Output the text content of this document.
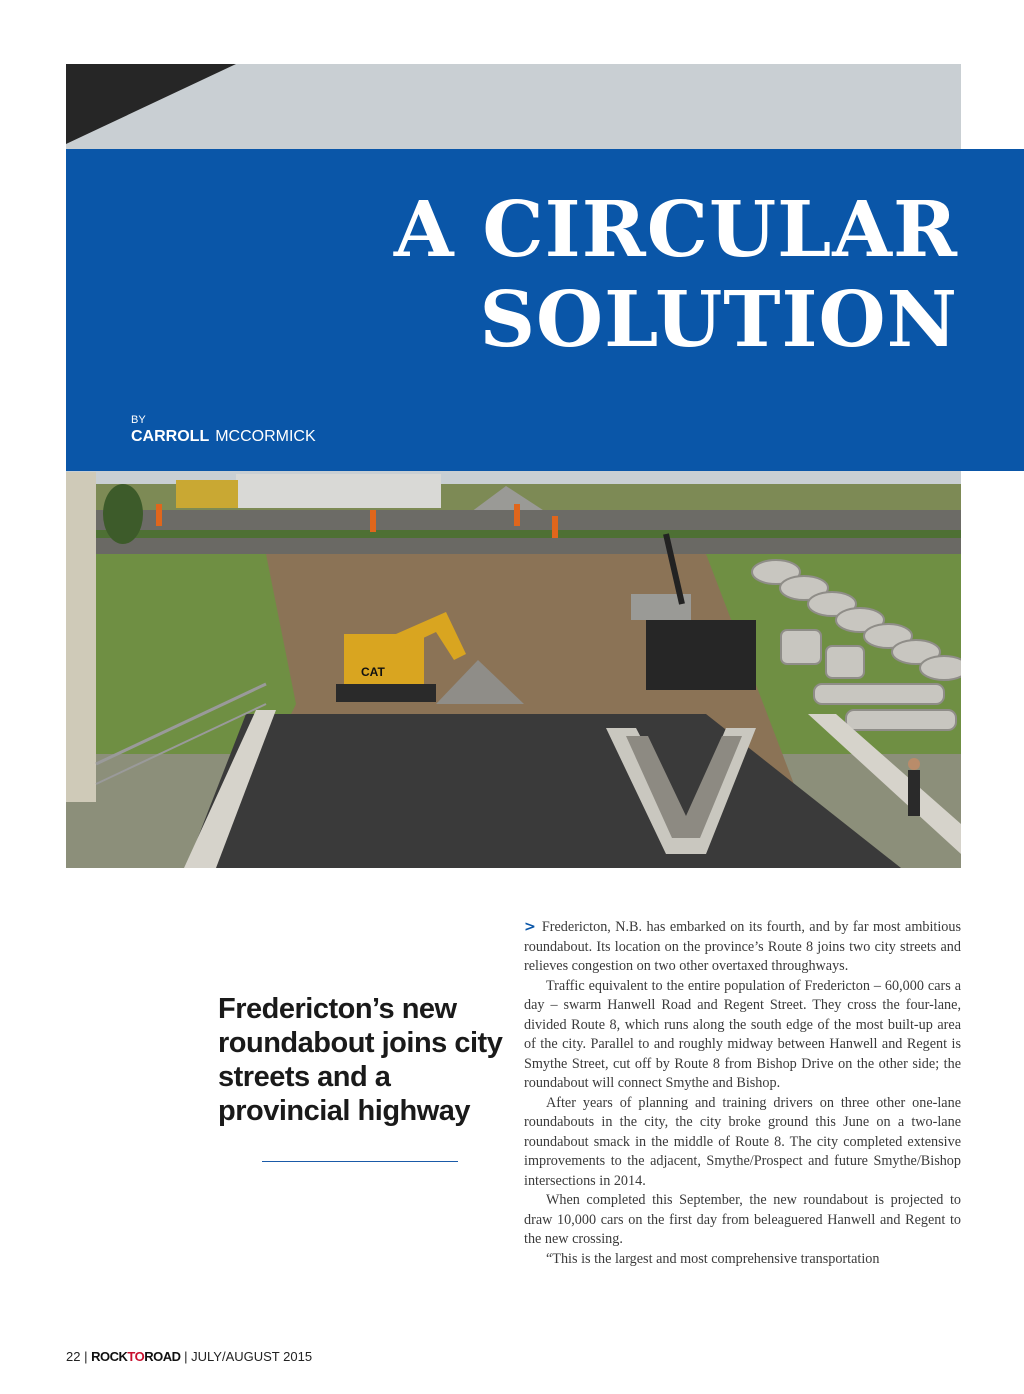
CAT
A CIRCULAR
SOLUTION
BY
CARROLL MCCORMICK
Fredericton’s new roundabout joins city streets and a provincial highway

> Fredericton, N.B. has embarked on its fourth, and by far most ambitious roundabout. Its location on the province’s Route 8 joins two city streets and relieves congestion on two other overtaxed throughways.

Traffic equivalent to the entire population of Fredericton – 60,000 cars a day – swarm Hanwell Road and Regent Street. They cross the four-lane, divided Route 8, which runs along the south edge of the most built-up area of the city. Parallel to and roughly midway between Hanwell and Regent is Smythe Street, cut off by Route 8 from Bishop Drive on the other side; the roundabout will connect Smythe and Bishop.

After years of planning and training drivers on three other one-lane roundabouts in the city, the city broke ground this June on a two-lane roundabout smack in the middle of Route 8. The city completed extensive improvements to the adjacent, Smythe/Prospect and future Smythe/Bishop intersections in 2014.

When completed this September, the new roundabout is projected to draw 10,000 cars on the first day from beleaguered Hanwell and Regent to the new crossing.

“This is the largest and most comprehensive transportation

22 | ROCKTOROAD | JULY/AUGUST 2015
